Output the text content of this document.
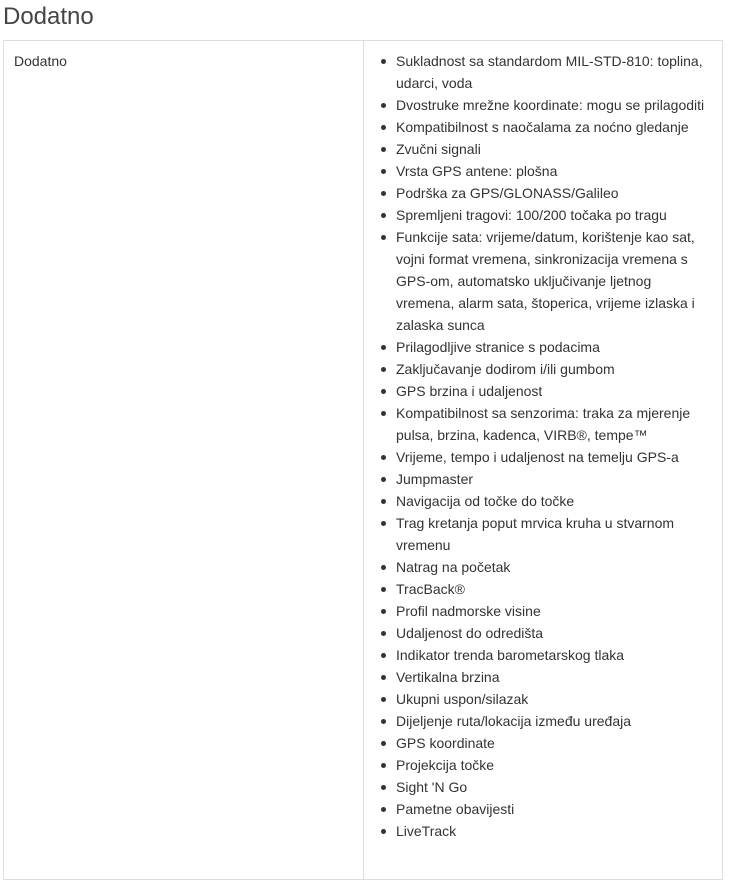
Dodatno
Dodatno	Sukladnost sa standardom MIL-STD-810: toplina, udarci, voda
Dvostruke mrežne koordinate: mogu se prilagoditi
Kompatibilnost s naočalama za noćno gledanje
Zvučni signali
Vrsta GPS antene: plošna
Podrška za GPS/GLONASS/Galileo
Spremljeni tragovi: 100/200 točaka po tragu
Funkcije sata: vrijeme/datum, korištenje kao sat, vojni format vremena, sinkronizacija vremena s GPS-om, automatsko uključivanje ljetnog vremena, alarm sata, štoperica, vrijeme izlaska i zalaska sunca
Prilagodljive stranice s podacima
Zaključavanje dodirom i/ili gumbom
GPS brzina i udaljenost
Kompatibilnost sa senzorima: traka za mjerenje pulsa, brzina, kadenca, VIRB®, tempe™
Vrijeme, tempo i udaljenost na temelju GPS-a
Jumpmaster
Navigacija od točke do točke
Trag kretanja poput mrvica kruha u stvarnom vremenu
Natrag na početak
TracBack®
Profil nadmorske visine
Udaljenost do odredišta
Indikator trenda barometarskog tlaka
Vertikalna brzina
Ukupni uspon/silazak
Dijeljenje ruta/lokacija između uređaja
GPS koordinate
Projekcija točke
Sight 'N Go
Pametne obavijesti
LiveTrack
